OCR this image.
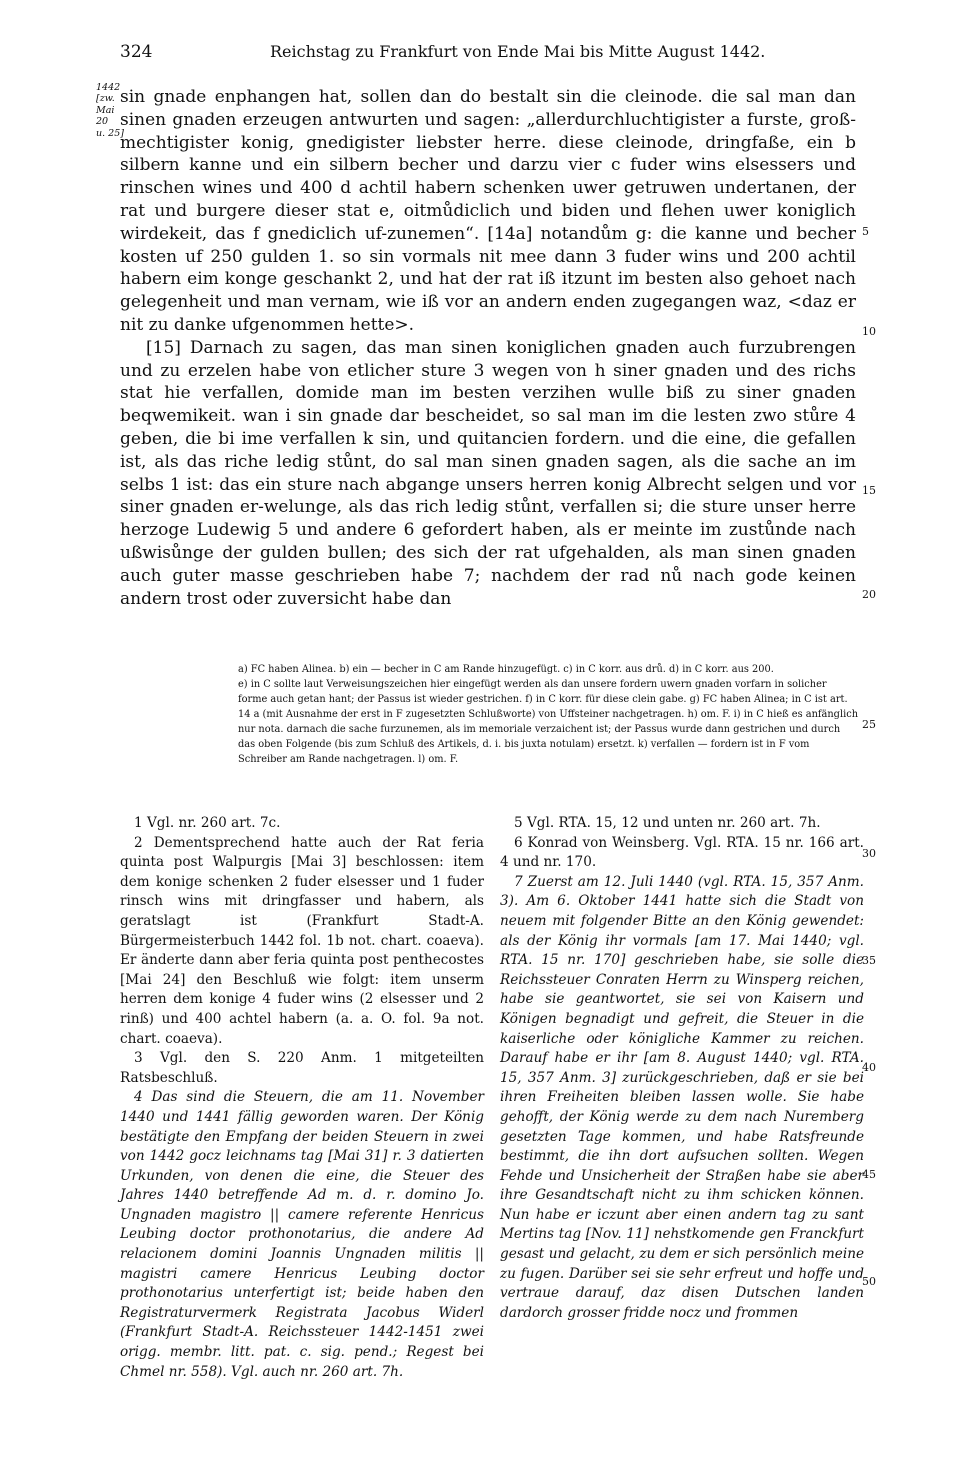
324	Reichstag zu Frankfurt von Ende Mai bis Mitte August 1442.
1442
[zw.
Mai 20
u. 25]

sin gnade enphangen hat, sollen dan do bestalt sin die cleinode. die sal man dan sinen gnaden erzeugen antwurten und sagen: „allerdurchluchtigister a furste, groß-mechtigister konig, gnedigister liebster herre. diese cleinode, dringfaße, ein b silbern kanne und ein silbern becher und darzu vier c fuder wins elsessers und rinschen wines und 400 d achtil habern schenken uwer getruwen undertanen, der rat und burgere dieser stat e, oitmůdiclich und biden und flehen uwer koniglich wirdekeit, das f gnediclich uf-zunemen“. [14a] notandům g: die kanne und becher kosten uf 250 gulden 1. so sin vormals nit mee dann 3 fuder wins und 200 achtil habern eim konge geschankt 2, und hat der rat iß itzunt im besten also gehoet nach gelegenheit und man vernam, wie iß vor an andern enden zugegangen waz, <daz er nit zu danke ufgenommen hette>.

[15] Darnach zu sagen, das man sinen koniglichen gnaden auch furzubrengen und zu erzelen habe von etlicher sture 3 wegen von h siner gnaden und des richs stat hie verfallen, domide man im besten verzihen wulle biß zu siner gnaden beqwemikeit. wan i sin gnade dar bescheidet, so sal man im die lesten zwo stůre 4 geben, die bi ime verfallen k sin, und quitancien fordern. und die eine, die gefallen ist, als das riche ledig stůnt, do sal man sinen gnaden sagen, als die sache an im selbs 1 ist: das ein sture nach abgange unsers herren konig Albrecht selgen und vor siner gnaden er-welunge, als das rich ledig stůnt, verfallen si; die sture unser herre herzoge Ludewig 5 und andere 6 gefordert haben, als er meinte im zustůnde nach ußwisůnge der gulden bullen; des sich der rat ufgehalden, als man sinen gnaden auch guter masse geschrieben habe 7; nachdem der rad nů nach gode keinen andern trost oder zuversicht habe dan

5
10
15
20
25
30
35
40
45
50

a) FC haben Alinea. b) ein — becher in C am Rande hinzugefügt. c) in C korr. aus drů. d) in C korr. aus 200.

e) in C sollte laut Verweisungszeichen hier eingefügt werden als dan unsere fordern uwern gnaden vorfarn in solicher forme auch getan hant; der Passus ist wieder gestrichen. f) in C korr. für diese clein gabe. g) FC haben Alinea; in C ist art. 14 a (mit Ausnahme der erst in F zugesetzten Schlußworte) von Uffsteiner nachgetragen. h) om. F. i) in C hieß es anfänglich nur nota. darnach die sache furzunemen, als im memoriale verzaichent ist; der Passus wurde dann gestrichen und durch das oben Folgende (bis zum Schluß des Artikels, d. i. bis juxta notulam) ersetzt. k) verfallen — fordern ist in F vom Schreiber am Rande nachgetragen. l) om. F.

1 Vgl. nr. 260 art. 7c.

2 Dementsprechend hatte auch der Rat feria quinta post Walpurgis [Mai 3] beschlossen: item dem konige schenken 2 fuder elsesser und 1 fuder rinsch wins mit dringfasser und habern, als geratslagt ist (Frankfurt Stadt-A. Bürgermeisterbuch 1442 fol. 1b not. chart. coaeva). Er änderte dann aber feria quinta post penthecostes [Mai 24] den Beschluß wie folgt: item unserm herren dem konige 4 fuder wins (2 elsesser und 2 rinß) und 400 achtel habern (a. a. O. fol. 9a not. chart. coaeva).

3 Vgl. den S. 220 Anm. 1 mitgeteilten Ratsbeschluß.

4 Das sind die Steuern, die am 11. November 1440 und 1441 fällig geworden waren. Der König bestätigte den Empfang der beiden Steuern in zwei von 1442 gocz leichnams tag [Mai 31] r. 3 datierten Urkunden, von denen die eine, die Steuer des Jahres 1440 betreffende Ad m. d. r. domino Jo. Ungnaden magistro || camere referente Henricus Leubing doctor prothonotarius, die andere Ad relacionem domini Joannis Ungnaden militis || magistri camere Henricus Leubing doctor prothonotarius unterfertigt ist; beide haben den Registraturvermerk Registrata Jacobus Widerl (Frankfurt Stadt-A. Reichssteuer 1442-1451 zwei origg. membr. litt. pat. c. sig. pend.; Regest bei Chmel nr. 558). Vgl. auch nr. 260 art. 7h.

5 Vgl. RTA. 15, 12 und unten nr. 260 art. 7h.

6 Konrad von Weinsberg. Vgl. RTA. 15 nr. 166 art. 4 und nr. 170.

7 Zuerst am 12. Juli 1440 (vgl. RTA. 15, 357 Anm. 3). Am 6. Oktober 1441 hatte sich die Stadt von neuem mit folgender Bitte an den König gewendet: als der König ihr vormals [am 17. Mai 1440; vgl. RTA. 15 nr. 170] geschrieben habe, sie solle die Reichssteuer Conraten Herrn zu Winsperg reichen, habe sie geantwortet, sie sei von Kaisern und Königen begnadigt und gefreit, die Steuer in die kaiserliche oder königliche Kammer zu reichen. Darauf habe er ihr [am 8. August 1440; vgl. RTA. 15, 357 Anm. 3] zurückgeschrieben, daß er sie bei ihren Freiheiten bleiben lassen wolle. Sie habe gehofft, der König werde zu dem nach Nuremberg gesetzten Tage kommen, und habe Ratsfreunde bestimmt, die ihn dort aufsuchen sollten. Wegen Fehde und Unsicherheit der Straßen habe sie aber ihre Gesandtschaft nicht zu ihm schicken können. Nun habe er iczunt aber einen andern tag zu sant Mertins tag [Nov. 11] nehstkomende gen Franckfurt gesast und gelacht, zu dem er sich persönlich meine zu fugen. Darüber sei sie sehr erfreut und hoffe und vertraue darauf, daz disen Dutschen landen dardorch grosser fridde nocz und frommen
